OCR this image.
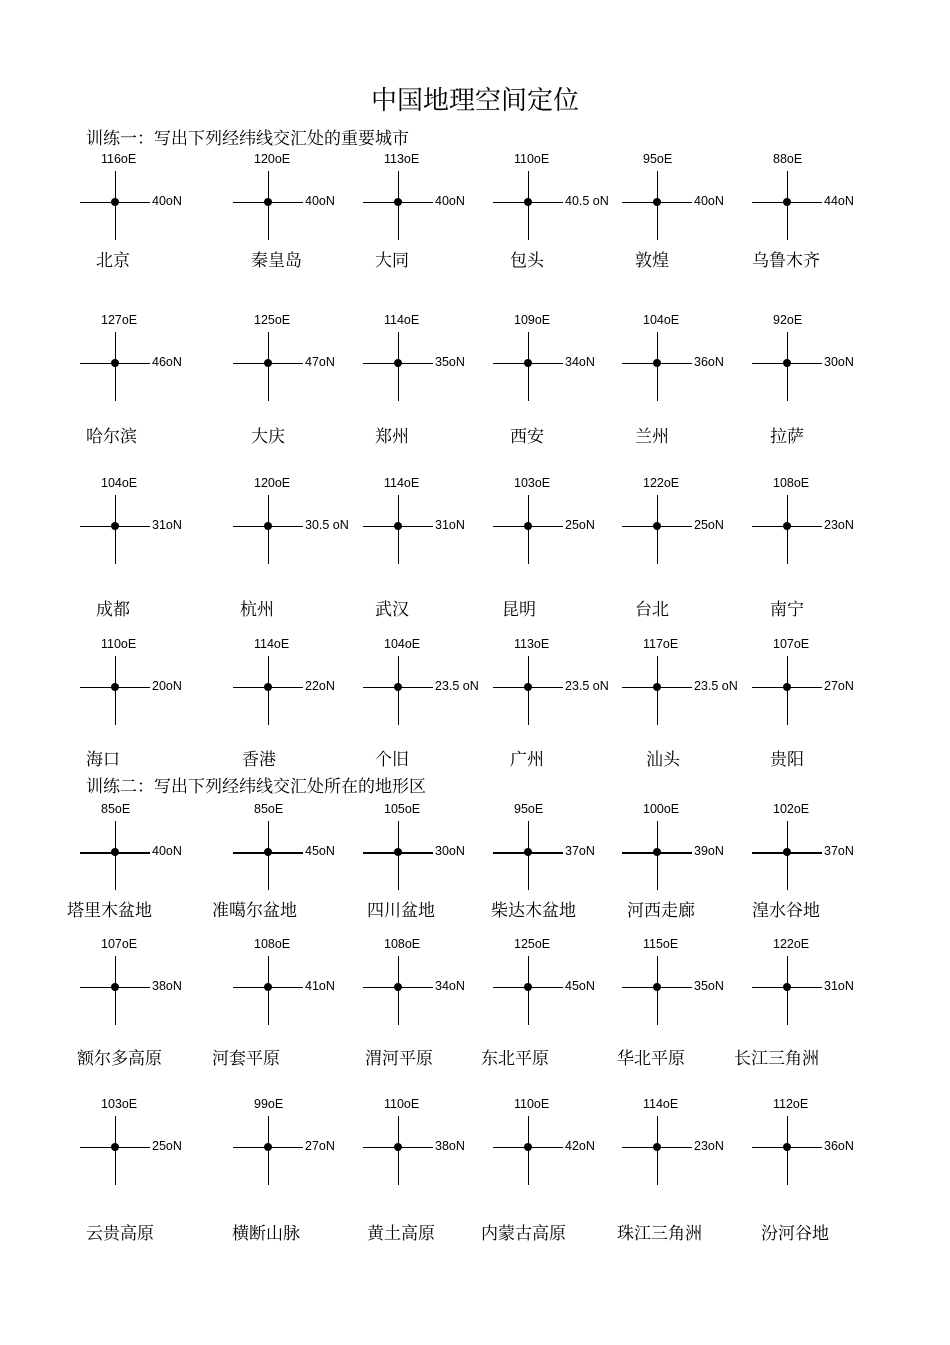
中国地理空间定位
训练一：写出下列经纬线交汇处的重要城市
训练二：写出下列经纬线交汇处所在的地形区
116oE
40oN
北京
120oE
40oN
秦皇岛
113oE
40oN
大同
110oE
40.5 oN
包头
95oE
40oN
敦煌
88oE
44oN
乌鲁木齐
127oE
46oN
哈尔滨
125oE
47oN
大庆
114oE
35oN
郑州
109oE
34oN
西安
104oE
36oN
兰州
92oE
30oN
拉萨
104oE
31oN
成都
120oE
30.5 oN
杭州
114oE
31oN
武汉
103oE
25oN
昆明
122oE
25oN
台北
108oE
23oN
南宁
110oE
20oN
海口
114oE
22oN
香港
104oE
23.5 oN
个旧
113oE
23.5 oN
广州
117oE
23.5 oN
汕头
107oE
27oN
贵阳
85oE
40oN
塔里木盆地
85oE
45oN
准噶尔盆地
105oE
30oN
四川盆地
95oE
37oN
柴达木盆地
100oE
39oN
河西走廊
102oE
37oN
湟水谷地
107oE
38oN
额尔多高原
108oE
41oN
河套平原
108oE
34oN
渭河平原
125oE
45oN
东北平原
115oE
35oN
华北平原
122oE
31oN
长江三角洲
103oE
25oN
云贵高原
99oE
27oN
横断山脉
110oE
38oN
黄土高原
110oE
42oN
内蒙古高原
114oE
23oN
珠江三角洲
112oE
36oN
汾河谷地
